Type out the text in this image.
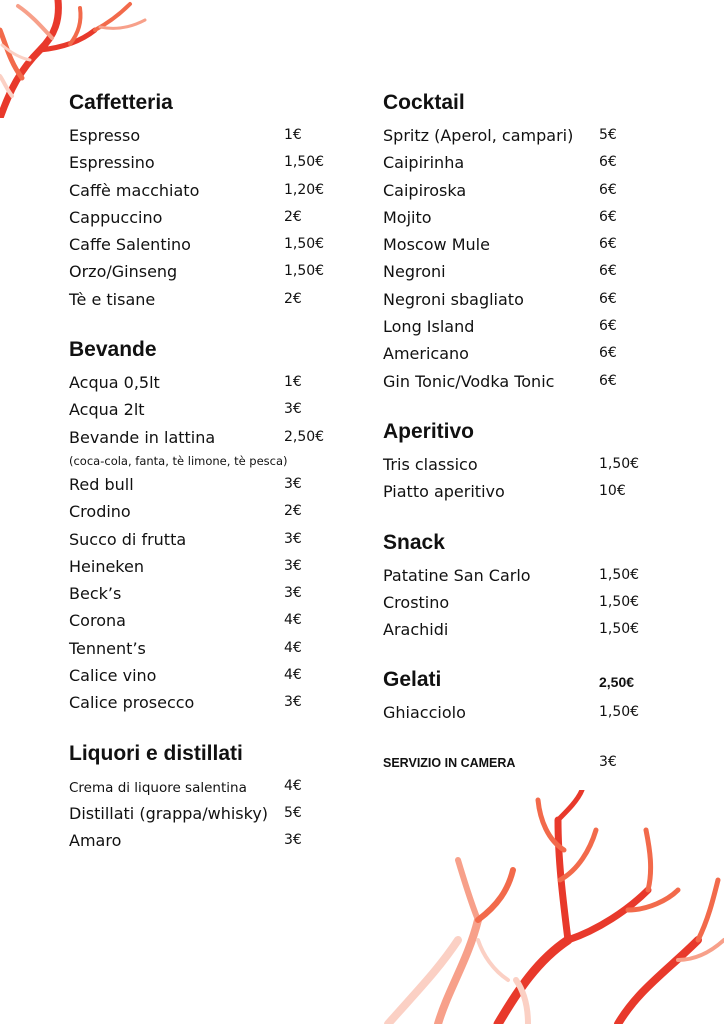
Caffetteria
Espresso	1€
Espressino	1,50€
Caffè macchiato	1,20€
Cappuccino	2€
Caffe Salentino	1,50€
Orzo/Ginseng	1,50€
Tè e tisane	2€
Bevande
Acqua 0,5lt	1€
Acqua 2lt	3€
Bevande in lattina	2,50€
(coca-cola, fanta, tè limone, tè pesca)
Red bull	3€
Crodino	2€
Succo di frutta	3€
Heineken	3€
Beck’s	3€
Corona	4€
Tennent’s	4€
Calice vino	4€
Calice prosecco	3€
Liquori e distillati
Crema di liquore salentina	4€
Distillati (grappa/whisky) 5€
Amaro	3€
Cocktail
Spritz (Aperol, campari) 5€
Caipirinha	6€
Caipiroska	6€
Mojito	6€
Moscow Mule	6€
Negroni	6€
Negroni sbagliato	6€
Long Island	6€
Americano	6€
Gin Tonic/Vodka Tonic	6€
Aperitivo
Tris classico	1,50€
Piatto aperitivo	10€
Snack
Patatine San Carlo	1,50€
Crostino	1,50€
Arachidi	1,50€
Gelati	2,50€
Ghiacciolo	1,50€
SERVIZIO IN CAMERA	3€
